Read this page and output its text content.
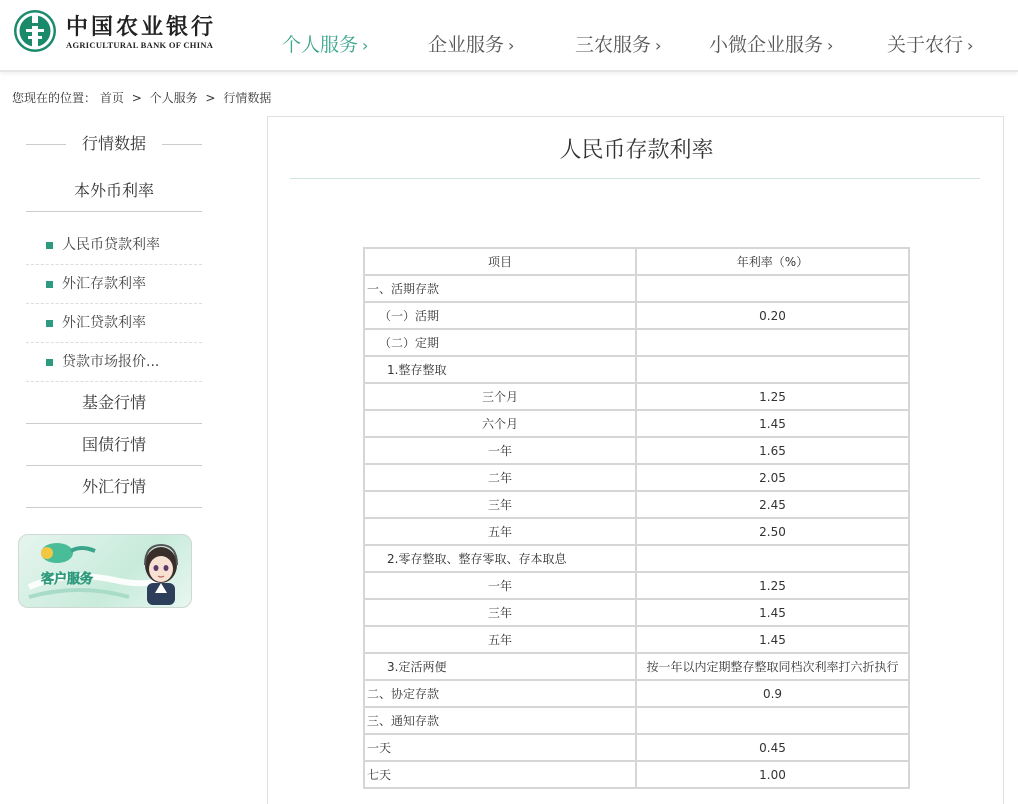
中国农业银行
AGRICULTURAL BANK OF CHINA	个人服务 ›	企业服务 ›	三农服务 ›	小微企业服务 ›	关于农行 ›
您现在的位置： 首页 > 个人服务 > 行情数据
行情数据
本外币利率
人民币贷款利率
外汇存款利率
外汇贷款利率
贷款市场报价...
基金行情
国债行情
外汇行情
客户服务
人民币存款利率
项目	年利率（%）
一、活期存款	
（一）活期	0.20
（二）定期	
1.整存整取	
三个月	1.25
六个月	1.45
一年	1.65
二年	2.05
三年	2.45
五年	2.50
2.零存整取、整存零取、存本取息	
一年	1.25
三年	1.45
五年	1.45
3.定活两便	按一年以内定期整存整取同档次利率打六折执行
二、协定存款	0.9
三、通知存款	
一天	0.45
七天	1.00
